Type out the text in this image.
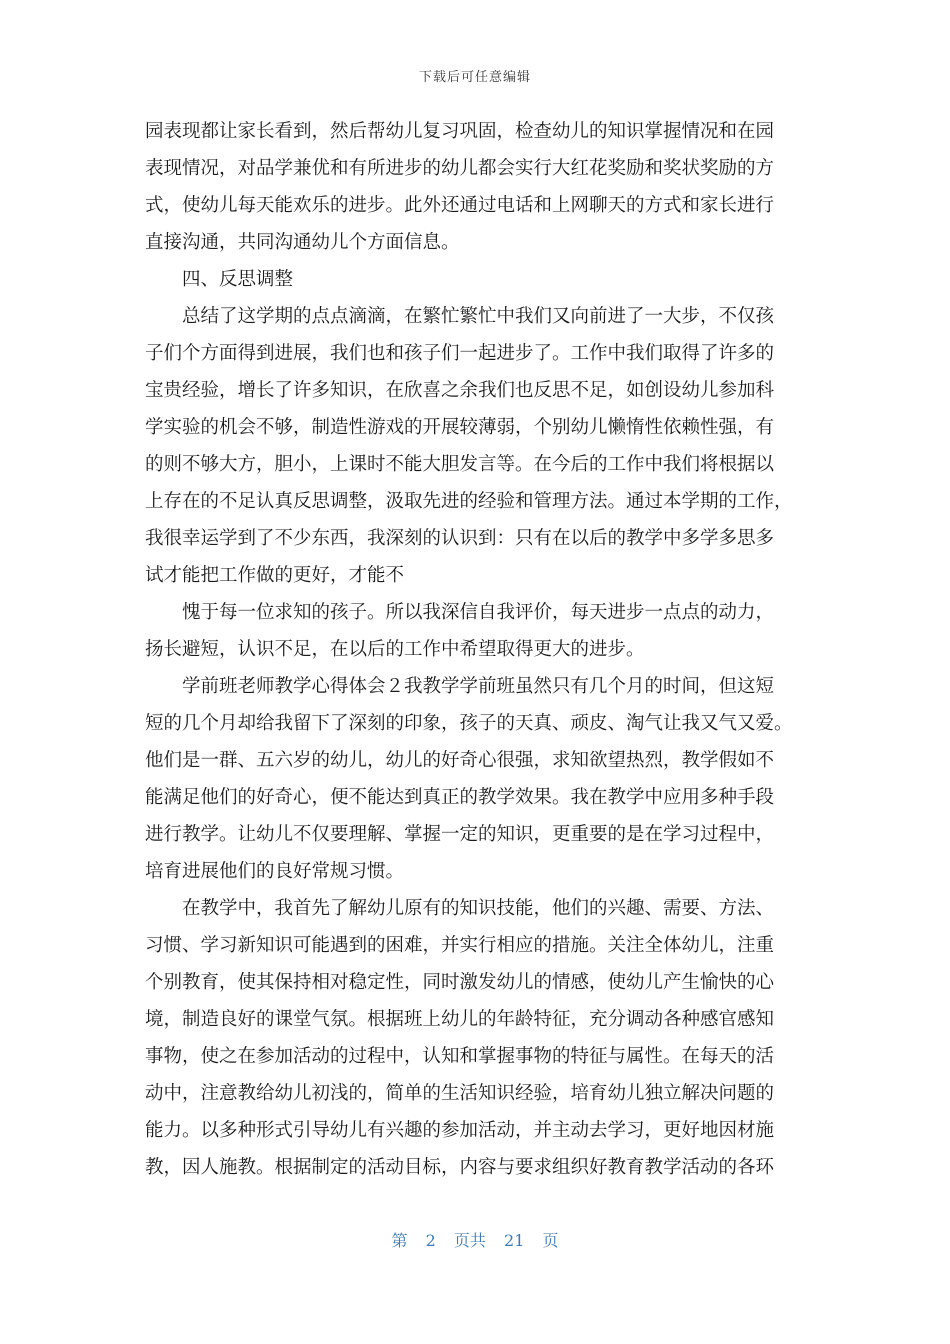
下载后可任意编辑
园表现都让家长看到，然后帮幼儿复习巩固，检查幼儿的知识掌握情况和在园
表现情况，对品学兼优和有所进步的幼儿都会实行大红花奖励和奖状奖励的方
式，使幼儿每天能欢乐的进步。此外还通过电话和上网聊天的方式和家长进行
直接沟通，共同沟通幼儿个方面信息。
四、反思调整
总结了这学期的点点滴滴，在繁忙繁忙中我们又向前进了一大步，不仅孩
子们个方面得到进展，我们也和孩子们一起进步了。工作中我们取得了许多的
宝贵经验，增长了许多知识，在欣喜之余我们也反思不足，如创设幼儿参加科
学实验的机会不够，制造性游戏的开展较薄弱，个别幼儿懒惰性依赖性强，有
的则不够大方，胆小，上课时不能大胆发言等。在今后的工作中我们将根据以
上存在的不足认真反思调整，汲取先进的经验和管理方法。通过本学期的工作，
我很幸运学到了不少东西，我深刻的认识到：只有在以后的教学中多学多思多
试才能把工作做的更好，才能不
愧于每一位求知的孩子。所以我深信自我评价，每天进步一点点的动力，
扬长避短，认识不足，在以后的工作中希望取得更大的进步。
学前班老师教学心得体会２我教学学前班虽然只有几个月的时间，但这短
短的几个月却给我留下了深刻的印象，孩子的天真、顽皮、淘气让我又气又爱。
他们是一群、五六岁的幼儿，幼儿的好奇心很强，求知欲望热烈，教学假如不
能满足他们的好奇心，便不能达到真正的教学效果。我在教学中应用多种手段
进行教学。让幼儿不仅要理解、掌握一定的知识，更重要的是在学习过程中，
培育进展他们的良好常规习惯。
在教学中，我首先了解幼儿原有的知识技能，他们的兴趣、需要、方法、
习惯、学习新知识可能遇到的困难，并实行相应的措施。关注全体幼儿，注重
个别教育，使其保持相对稳定性，同时激发幼儿的情感，使幼儿产生愉快的心
境，制造良好的课堂气氛。根据班上幼儿的年龄特征，充分调动各种感官感知
事物，使之在参加活动的过程中，认知和掌握事物的特征与属性。在每天的活
动中，注意教给幼儿初浅的，简单的生活知识经验，培育幼儿独立解决问题的
能力。以多种形式引导幼儿有兴趣的参加活动，并主动去学习，更好地因材施
教，因人施教。根据制定的活动目标，内容与要求组织好教育教学活动的各环
第 2 页共 21 页
